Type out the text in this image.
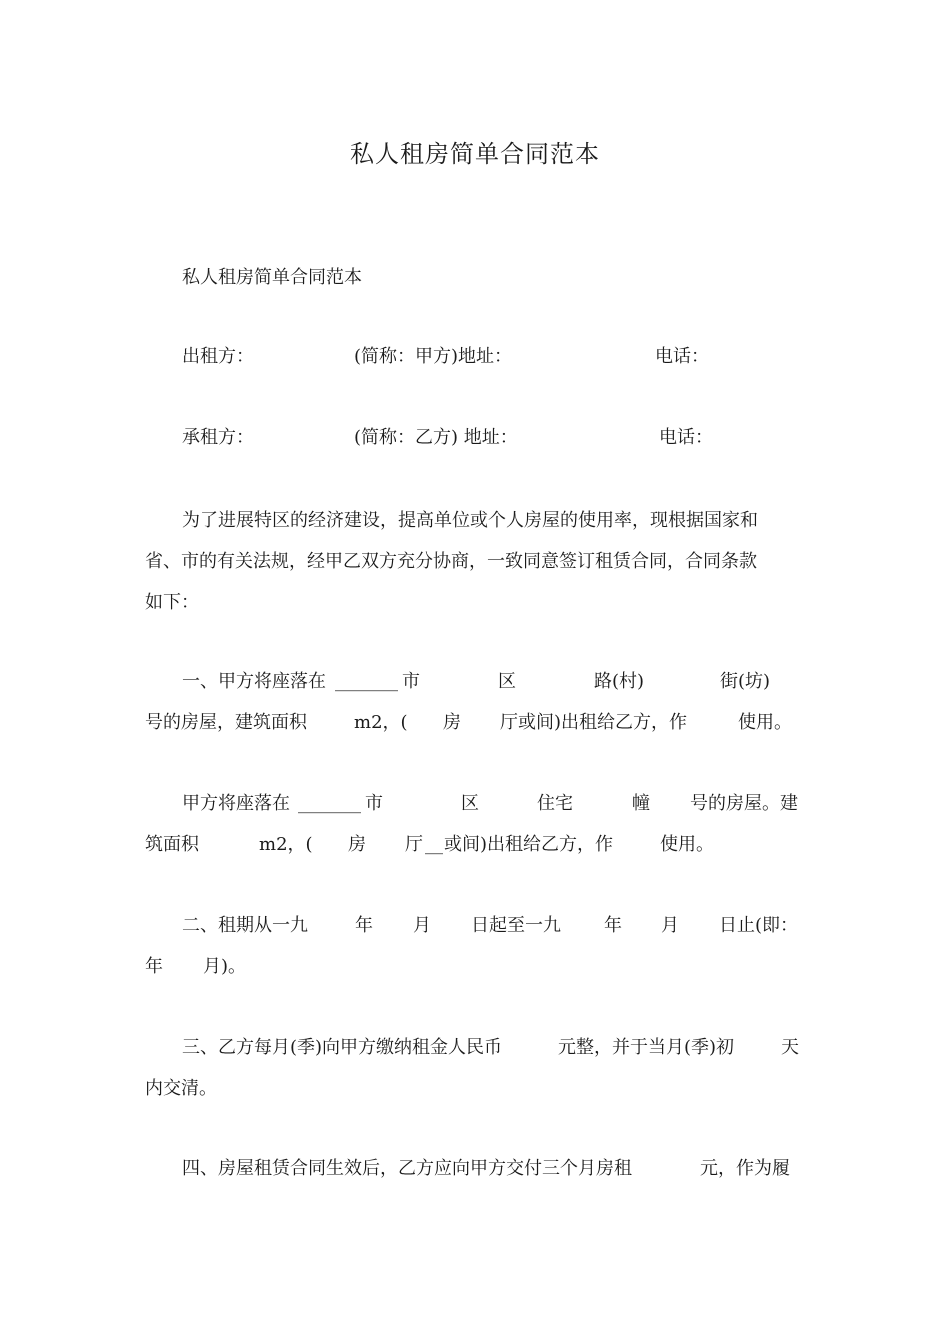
私人租房简单合同范本
私人租房简单合同范本
出租方：	(简称：甲方)地址：	电话：
承租方：	(简称：乙方) 地址：	电话：
为了进展特区的经济建设，提高单位或个人房屋的使用率，现根据国家和
省、市的有关法规，经甲乙双方充分协商，一致同意签订租赁合同，合同条款
如下：
一、甲方将座落在 _______ 市	区	路(村)	街(坊)
号的房屋，建筑面积	m2，( 房 厅或间)出租给乙方，作	使用。
甲方将座落在 _______ 市	区	住宅	幢 号的房屋。建
筑面积	m2，( 房 厅 __ 或间)出租给乙方，作	使用。
二、租期从一九	年 月 日起至一九 年 月 日止(即：
年 月)。
三、乙方每月(季)向甲方缴纳租金人民币	元整，并于当月(季)初	天
内交清。
四、房屋租赁合同生效后，乙方应向甲方交付三个月房租	元，作为履
